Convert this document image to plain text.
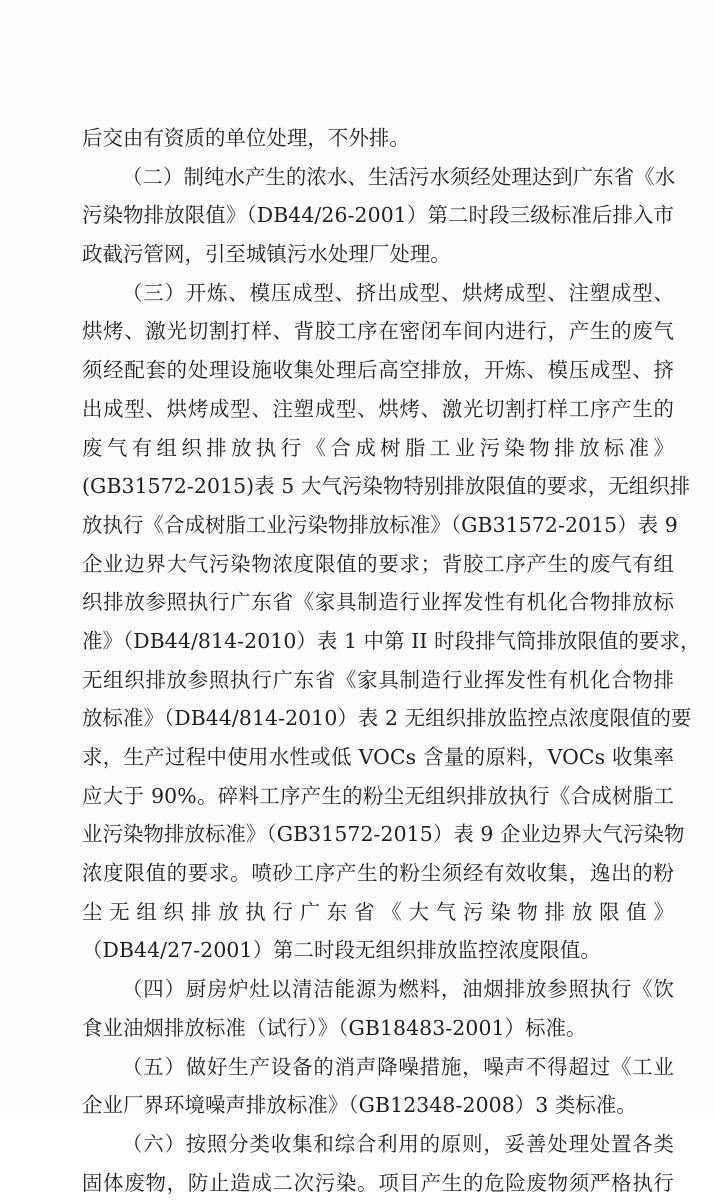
后交由有资质的单位处理，不外排。
（二）制纯水产生的浓水、生活污水须经处理达到广东省《水
污染物排放限值》（DB44/26-2001）第二时段三级标准后排入市
政截污管网，引至城镇污水处理厂处理。
（三）开炼、模压成型、挤出成型、烘烤成型、注塑成型、
烘烤、激光切割打样、背胶工序在密闭车间内进行，产生的废气
须经配套的处理设施收集处理后高空排放，开炼、模压成型、挤
出成型、烘烤成型、注塑成型、烘烤、激光切割打样工序产生的
废气有组织排放执行《合成树脂工业污染物排放标准》
(GB31572-2015)表 5 大气污染物特别排放限值的要求，无组织排
放执行《合成树脂工业污染物排放标准》（GB31572-2015）表 9
企业边界大气污染物浓度限值的要求；背胶工序产生的废气有组
织排放参照执行广东省《家具制造行业挥发性有机化合物排放标
准》（DB44/814-2010）表 1 中第 II 时段排气筒排放限值的要求，
无组织排放参照执行广东省《家具制造行业挥发性有机化合物排
放标准》（DB44/814-2010）表 2 无组织排放监控点浓度限值的要
求，生产过程中使用水性或低 VOCs 含量的原料，VOCs 收集率
应大于 90%。碎料工序产生的粉尘无组织排放执行《合成树脂工
业污染物排放标准》（GB31572-2015）表 9 企业边界大气污染物
浓度限值的要求。喷砂工序产生的粉尘须经有效收集，逸出的粉
尘无组织排放执行广东省《大气污染物排放限值》
（DB44/27-2001）第二时段无组织排放监控浓度限值。
（四）厨房炉灶以清洁能源为燃料，油烟排放参照执行《饮
食业油烟排放标准（试行）》（GB18483-2001）标准。
（五）做好生产设备的消声降噪措施，噪声不得超过《工业
企业厂界环境噪声排放标准》（GB12348-2008）3 类标准。
（六）按照分类收集和综合利用的原则，妥善处理处置各类
固体废物，防止造成二次污染。项目产生的危险废物须严格执行
